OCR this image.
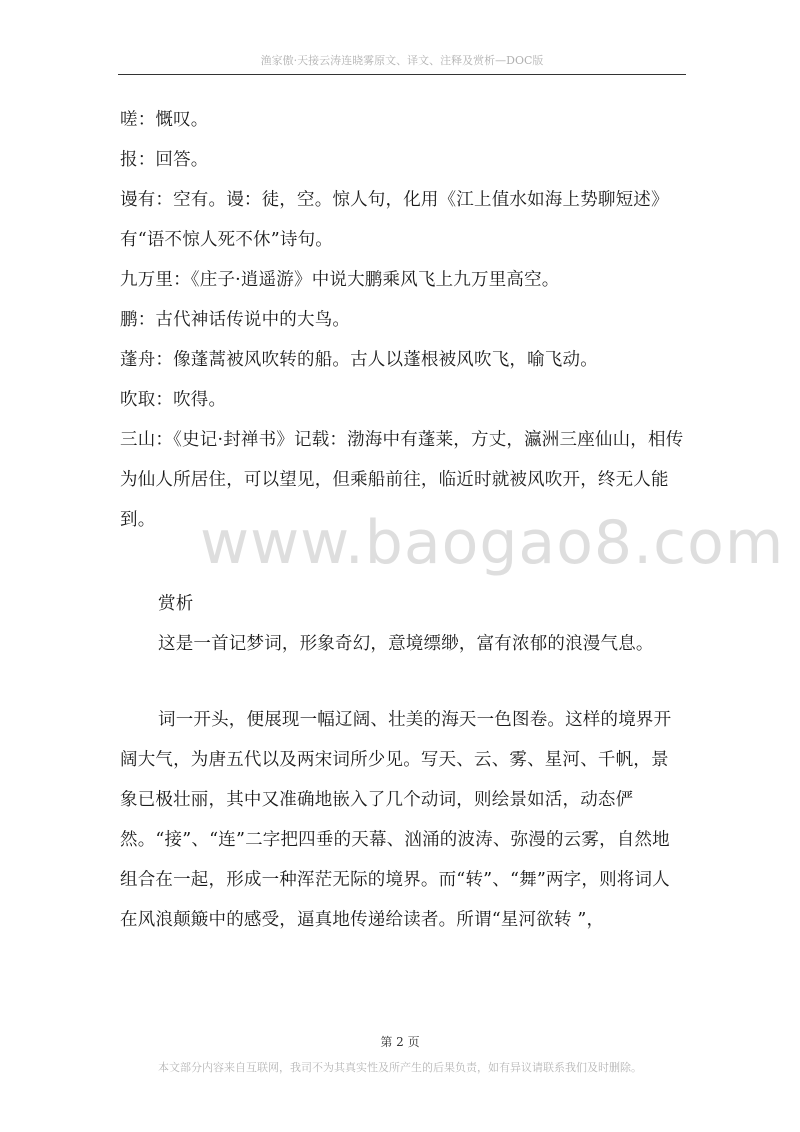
渔家傲·天接云涛连晓雾原文、译文、注释及赏析—DOC版
www.baogao8.com

嗟：慨叹。

报：回答。

谩有：空有。谩：徒，空。惊人句，化用《江上值水如海上势聊短述》有“语不惊人死不休”诗句。

九万里：《庄子·逍遥游》中说大鹏乘风飞上九万里高空。

鹏：古代神话传说中的大鸟。

蓬舟：像蓬蒿被风吹转的船。古人以蓬根被风吹飞，喻飞动。

吹取：吹得。

三山：《史记·封禅书》记载：渤海中有蓬莱，方丈，瀛洲三座仙山，相传为仙人所居住，可以望见，但乘船前往，临近时就被风吹开，终无人能到。

赏析

这是一首记梦词，形象奇幻，意境缥缈，富有浓郁的浪漫气息。

词一开头，便展现一幅辽阔、壮美的海天一色图卷。这样的境界开阔大气，为唐五代以及两宋词所少见。写天、云、雾、星河、千帆，景象已极壮丽，其中又准确地嵌入了几个动词，则绘景如活，动态俨然。“接”、“连”二字把四垂的天幕、汹涌的波涛、弥漫的云雾，自然地组合在一起，形成一种浑茫无际的境界。而“转”、“舞”两字，则将词人在风浪颠簸中的感受，逼真地传递给读者。所谓“星河欲转 ”，

第 2 页
本文部分内容来自互联网，我司不为其真实性及所产生的后果负责，如有异议请联系我们及时删除。
